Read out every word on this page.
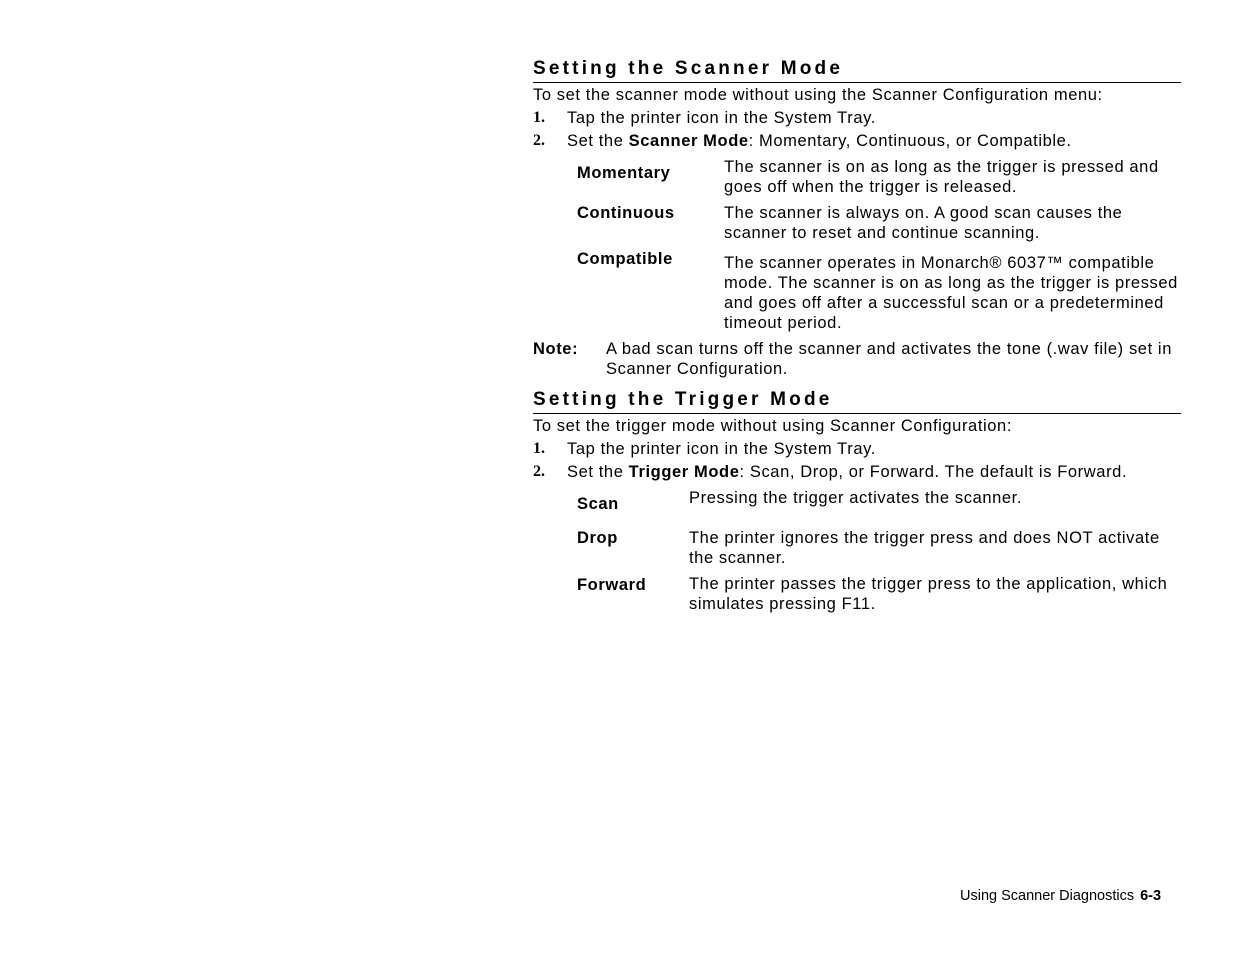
Setting the Scanner Mode
To set the scanner mode without using the Scanner Configuration menu:
1.	Tap the printer icon in the System Tray.
2.	Set the Scanner Mode: Momentary, Continuous, or Compatible.
Momentary	The scanner is on as long as the trigger is pressed and goes off when the trigger is released.
Continuous	The scanner is always on. A good scan causes the scanner to reset and continue scanning.
Compatible	The scanner operates in Monarch® 6037™ compatible mode. The scanner is on as long as the trigger is pressed and goes off after a successful scan or a predetermined timeout period.
Note:	A bad scan turns off the scanner and activates the tone (.wav file) set in Scanner Configuration.
Setting the Trigger Mode
To set the trigger mode without using Scanner Configuration:
1.	Tap the printer icon in the System Tray.
2.	Set the Trigger Mode: Scan, Drop, or Forward. The default is Forward.
Scan	Pressing the trigger activates the scanner.
Drop	The printer ignores the trigger press and does NOT activate the scanner.
Forward	The printer passes the trigger press to the application, which simulates pressing F11.
Using Scanner Diagnostics 6-3
